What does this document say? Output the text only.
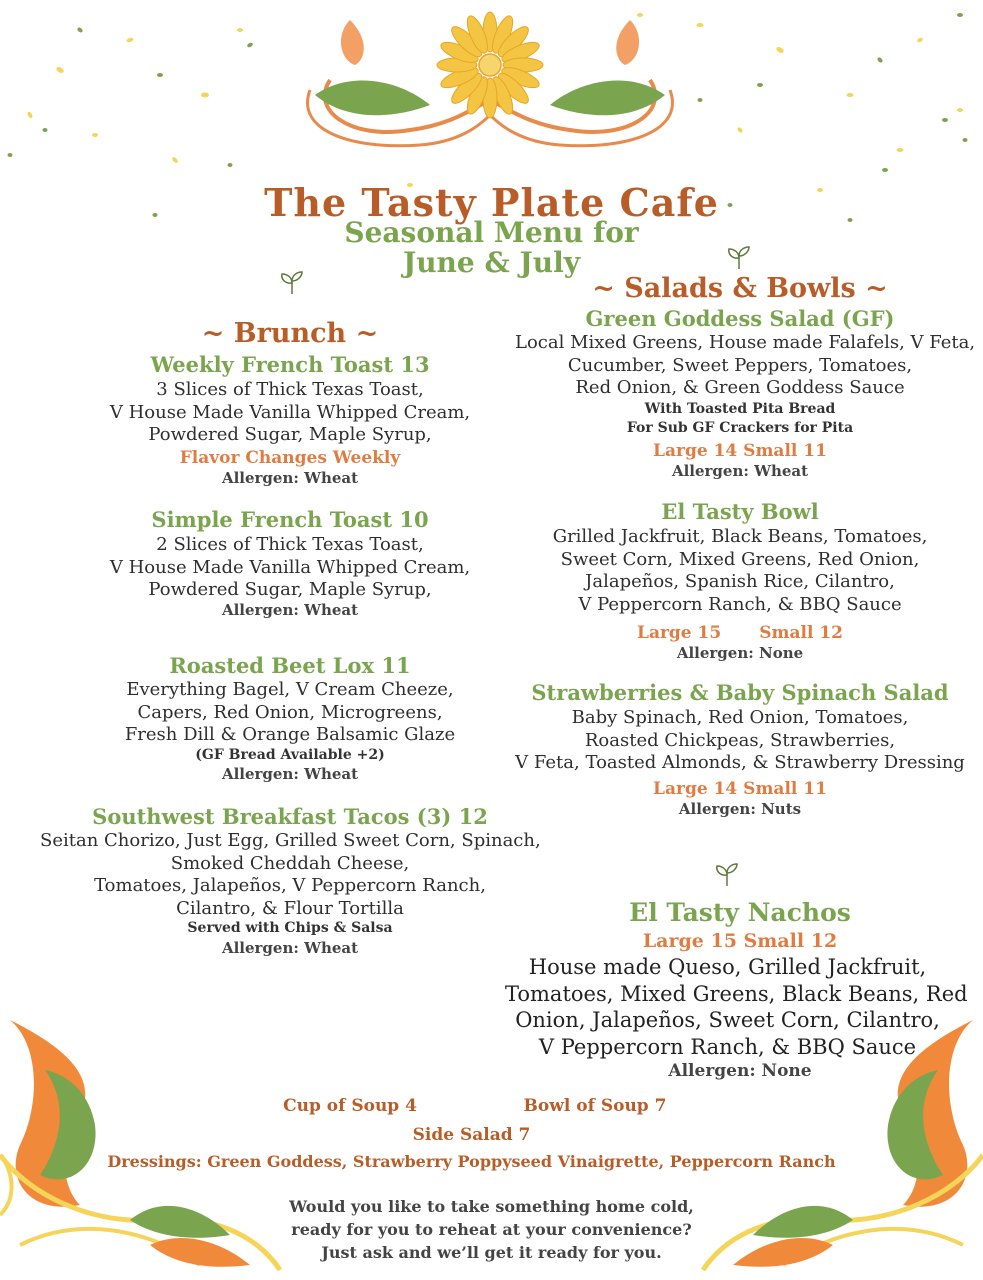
The Tasty Plate Cafe
Seasonal Menu for
June & July
~ Brunch ~
Weekly French Toast 13
3 Slices of Thick Texas Toast,
V House Made Vanilla Whipped Cream,
Powdered Sugar, Maple Syrup,
Flavor Changes Weekly
Allergen: Wheat
Simple French Toast 10
2 Slices of Thick Texas Toast,
V House Made Vanilla Whipped Cream,
Powdered Sugar, Maple Syrup,
Allergen: Wheat
Roasted Beet Lox 11
Everything Bagel, V Cream Cheeze,
Capers, Red Onion, Microgreens,
Fresh Dill & Orange Balsamic Glaze
(GF Bread Available +2)
Allergen: Wheat
Southwest Breakfast Tacos (3) 12
Seitan Chorizo, Just Egg, Grilled Sweet Corn, Spinach,
Smoked Cheddah Cheese,
Tomatoes, Jalapeños, V Peppercorn Ranch,
Cilantro, & Flour Tortilla
Served with Chips & Salsa
Allergen: Wheat
~ Salads & Bowls ~
Green Goddess Salad (GF)
Local Mixed Greens, House made Falafels, V Feta,
Cucumber, Sweet Peppers, Tomatoes,
Red Onion, & Green Goddess Sauce
With Toasted Pita Bread
For Sub GF Crackers for Pita
Large 14 Small 11
Allergen: Wheat
El Tasty Bowl
Grilled Jackfruit, Black Beans, Tomatoes,
Sweet Corn, Mixed Greens, Red Onion,
Jalapeños, Spanish Rice, Cilantro,
V Peppercorn Ranch, & BBQ Sauce
Large 15 Small 12
Allergen: None
Strawberries & Baby Spinach Salad
Baby Spinach, Red Onion, Tomatoes,
Roasted Chickpeas, Strawberries,
V Feta, Toasted Almonds, & Strawberry Dressing
Large 14 Small 11
Allergen: Nuts
El Tasty Nachos
Large 15 Small 12
House made Queso, Grilled Jackfruit,
Tomatoes, Mixed Greens, Black Beans, Red
Onion, Jalapeños, Sweet Corn, Cilantro,
V Peppercorn Ranch, & BBQ Sauce
Allergen: None
Cup of Soup 4	Bowl of Soup 7
Side Salad 7
Dressings: Green Goddess, Strawberry Poppyseed Vinaigrette, Peppercorn Ranch
Would you like to take something home cold,
ready for you to reheat at your convenience?
Just ask and we’ll get it ready for you.
